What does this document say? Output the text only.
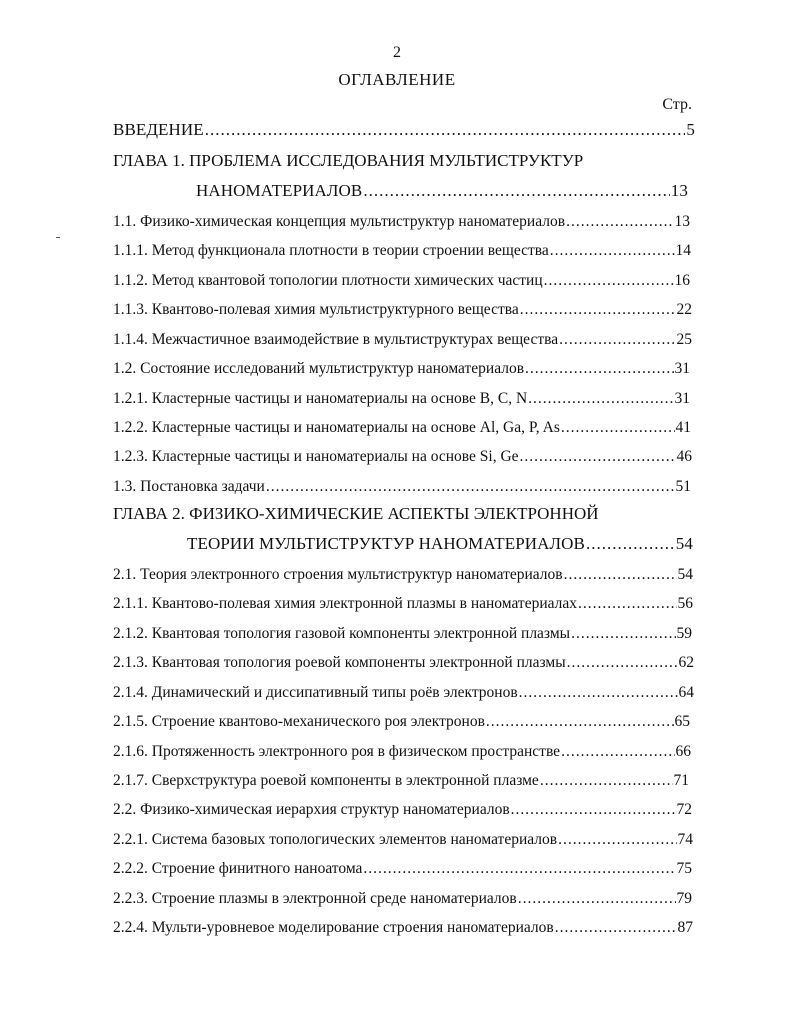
2
ОГЛАВЛЕНИЕ
Стр.
ВВЕДЕНИЕ .....	5
ГЛАВА 1. ПРОБЛЕМА ИССЛЕДОВАНИЯ МУЛЬТИСТРУКТУР
НАНОМАТЕРИАЛОВ .....	13
1.1. Физико-химическая концепция мультиструктур наноматериалов .....	13
1.1.1. Метод функционала плотности в теории строении вещества .....	14
1.1.2. Метод квантовой топологии плотности химических частиц .....	16
1.1.3. Квантово-полевая химия мультиструктурного вещества .....	22
1.1.4. Межчастичное взаимодействие в мультиструктурах вещества .....	25
1.2. Состояние исследований мультиструктур наноматериалов .....	31
1.2.1. Кластерные частицы и наноматериалы на основе B, C, N .....	31
1.2.2. Кластерные частицы и наноматериалы на основе Al, Ga, P, As .....	41
1.2.3. Кластерные частицы и наноматериалы на основе Si, Ge .....	46
1.3. Постановка задачи .....	51
ГЛАВА 2. ФИЗИКО-ХИМИЧЕСКИЕ АСПЕКТЫ ЭЛЕКТРОННОЙ
ТЕОРИИ МУЛЬТИСТРУКТУР НАНОМАТЕРИАЛОВ .....	54
2.1. Теория электронного строения мультиструктур наноматериалов .....	54
2.1.1. Квантово-полевая химия электронной плазмы в наноматериалах .....	56
2.1.2. Квантовая топология газовой компоненты электронной плазмы .....	59
2.1.3. Квантовая топология роевой компоненты электронной плазмы .....	62
2.1.4. Динамический и диссипативный типы роёв электронов .....	64
2.1.5. Строение квантово-механического роя электронов .....	65
2.1.6. Протяженность электронного роя в физическом пространстве .....	66
2.1.7. Сверхструктура роевой компоненты в электронной плазме .....	71
2.2. Физико-химическая иерархия структур наноматериалов .....	72
2.2.1. Система базовых топологических элементов наноматериалов .....	74
2.2.2. Строение финитного наноатома .....	75
2.2.3. Строение плазмы в электронной среде наноматериалов .....	79
2.2.4. Мульти-уровневое моделирование строения наноматериалов .....	87
